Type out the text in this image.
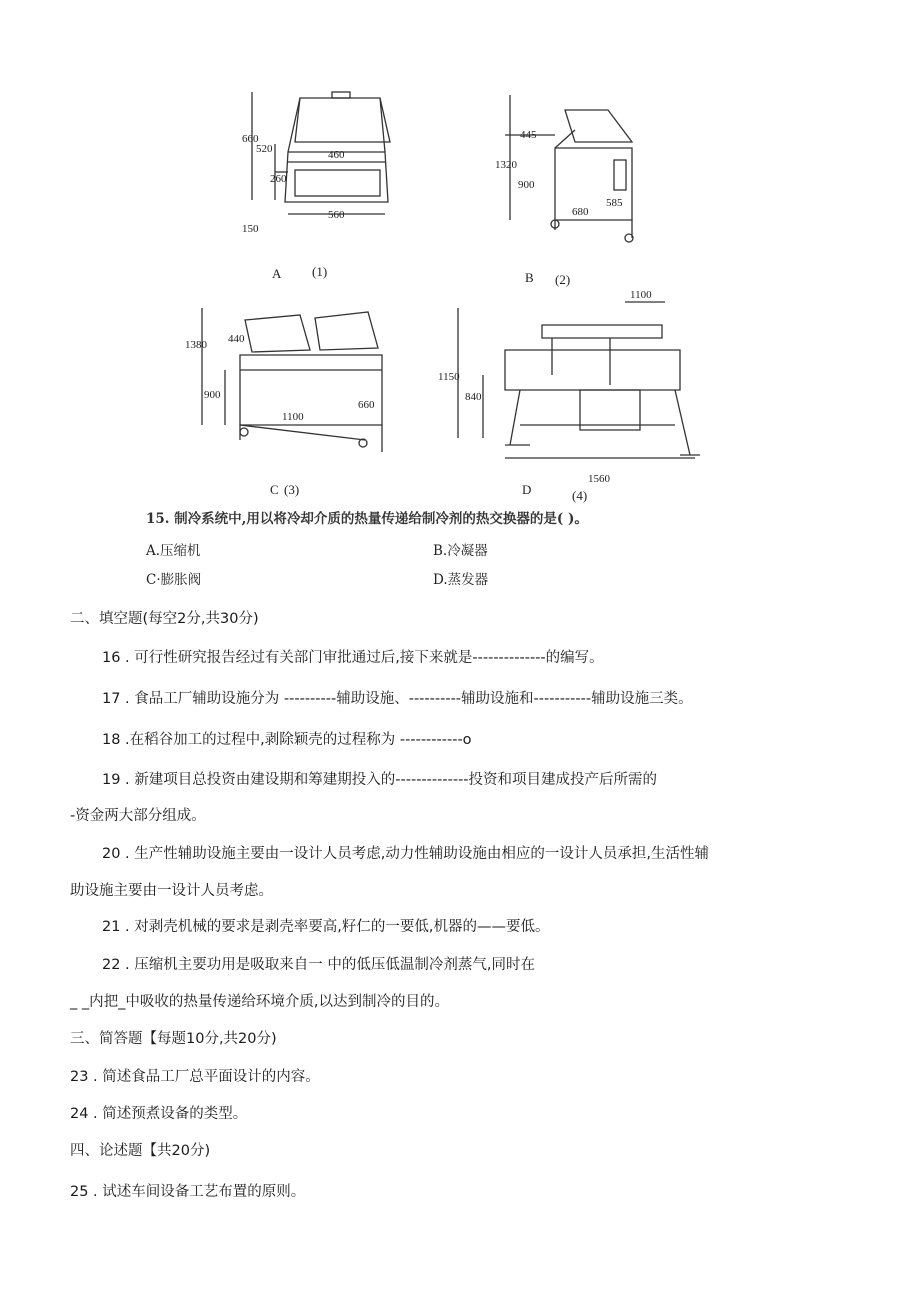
660
520
260
460
560
150
445
1320
900
680
585
1380 440
900
1100
660
1100
1150
840
1560
A (1)	B (2)
C (3)	D	(4)
15. 制冷系统中,用以将冷却介质的热量传递给制冷剂的热交换器的是( )。
A.压缩机	B.冷凝器
C·膨胀阀	D.蒸发器
二、填空题(每空2分,共30分)
16 . 可行性研究报告经过有关部门审批通过后,接下来就是--------------的编写。
17 . 食品工厂辅助设施分为 ----------辅助设施、----------辅助设施和-----------辅助设施三类。
18 .在稻谷加工的过程中,剥除颖壳的过程称为 ------------o
19 . 新建项目总投资由建设期和筹建期投入的--------------投资和项目建成投产后所需的
-资金两大部分组成。
20 . 生产性辅助设施主要由一设计人员考虑,动力性辅助设施由相应的一设计人员承担,生活性辅
助设施主要由一设计人员考虑。
21 . 对剥壳机械的要求是剥壳率要高,籽仁的一要低,机器的——要低。
22 . 压缩机主要功用是吸取来自一 中的低压低温制冷剂蒸气,同时在
_ _内把_中吸收的热量传递给环境介质,以达到制冷的目的。
三、简答题【每题10分,共20分)
23 . 简述食品工厂总平面设计的内容。
24 . 简述预煮设备的类型。
四、论述题【共20分)
25 . 试述车间设备工艺布置的原则。
